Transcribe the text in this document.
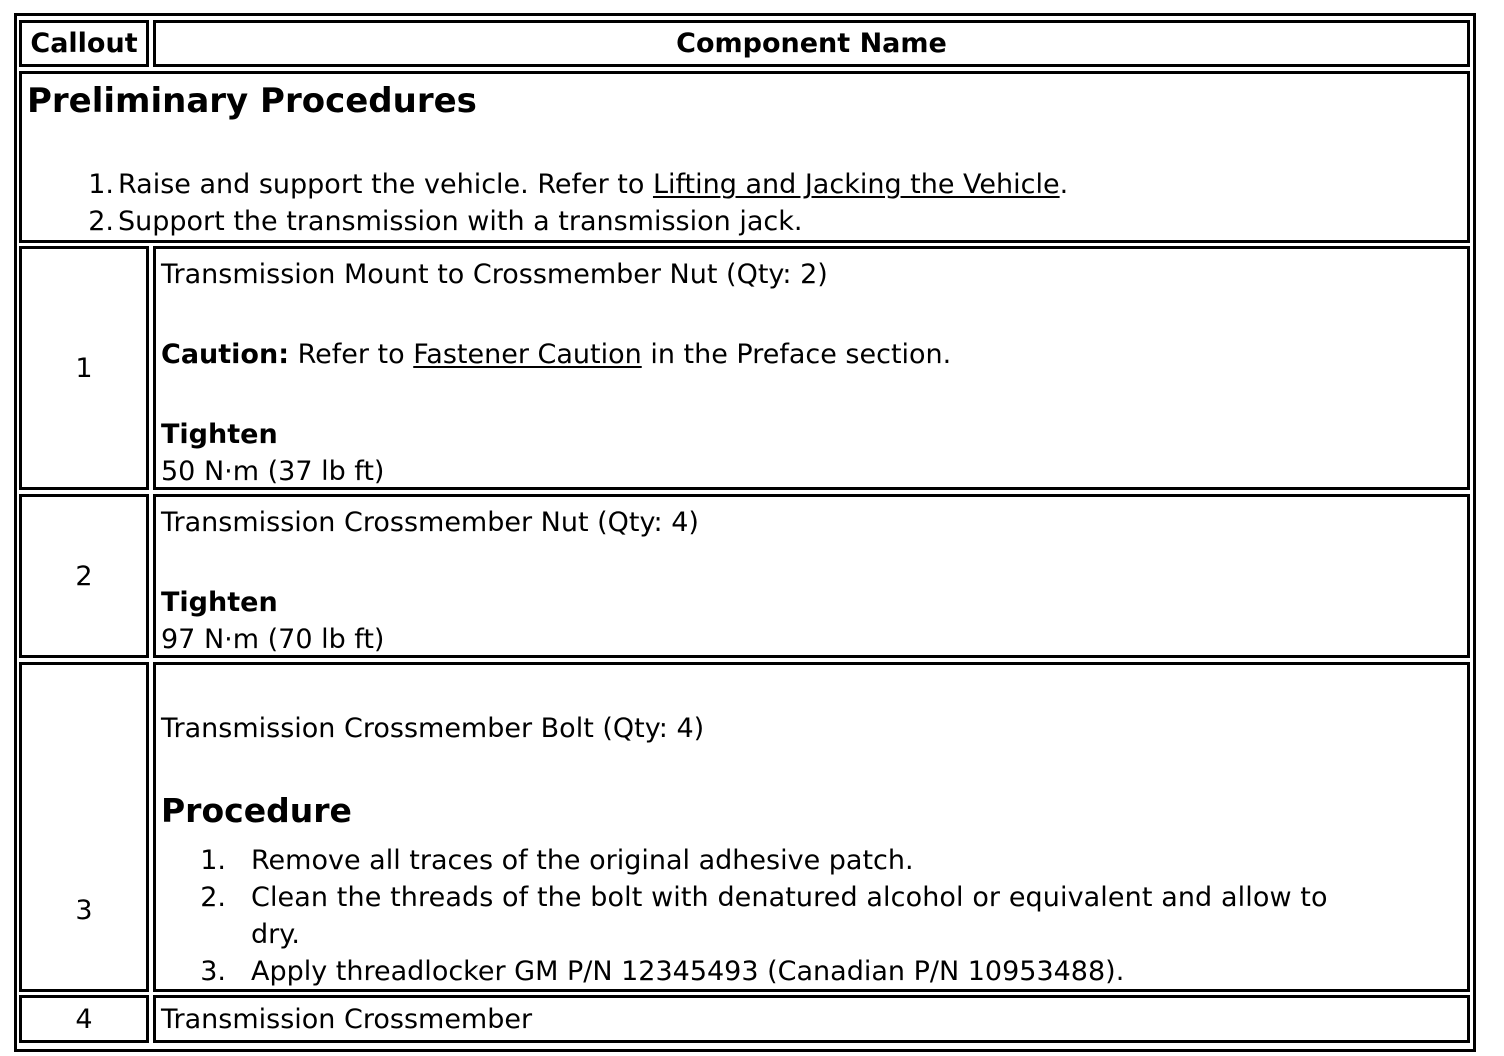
Callout	Component Name
Preliminary Procedures
1. Raise and support the vehicle. Refer to Lifting and Jacking the Vehicle.
2. Support the transmission with a transmission jack.
1
Transmission Mount to Crossmember Nut (Qty: 2)
Caution: Refer to Fastener Caution in the Preface section.
Tighten
50 N·m (37 lb ft)
2
Transmission Crossmember Nut (Qty: 4)
Tighten
97 N·m (70 lb ft)
3
Transmission Crossmember Bolt (Qty: 4)
Procedure
1. Remove all traces of the original adhesive patch.
2. Clean the threads of the bolt with denatured alcohol or equivalent and allow to
dry.
3. Apply threadlocker GM P/N 12345493 (Canadian P/N 10953488).
4	Transmission Crossmember
